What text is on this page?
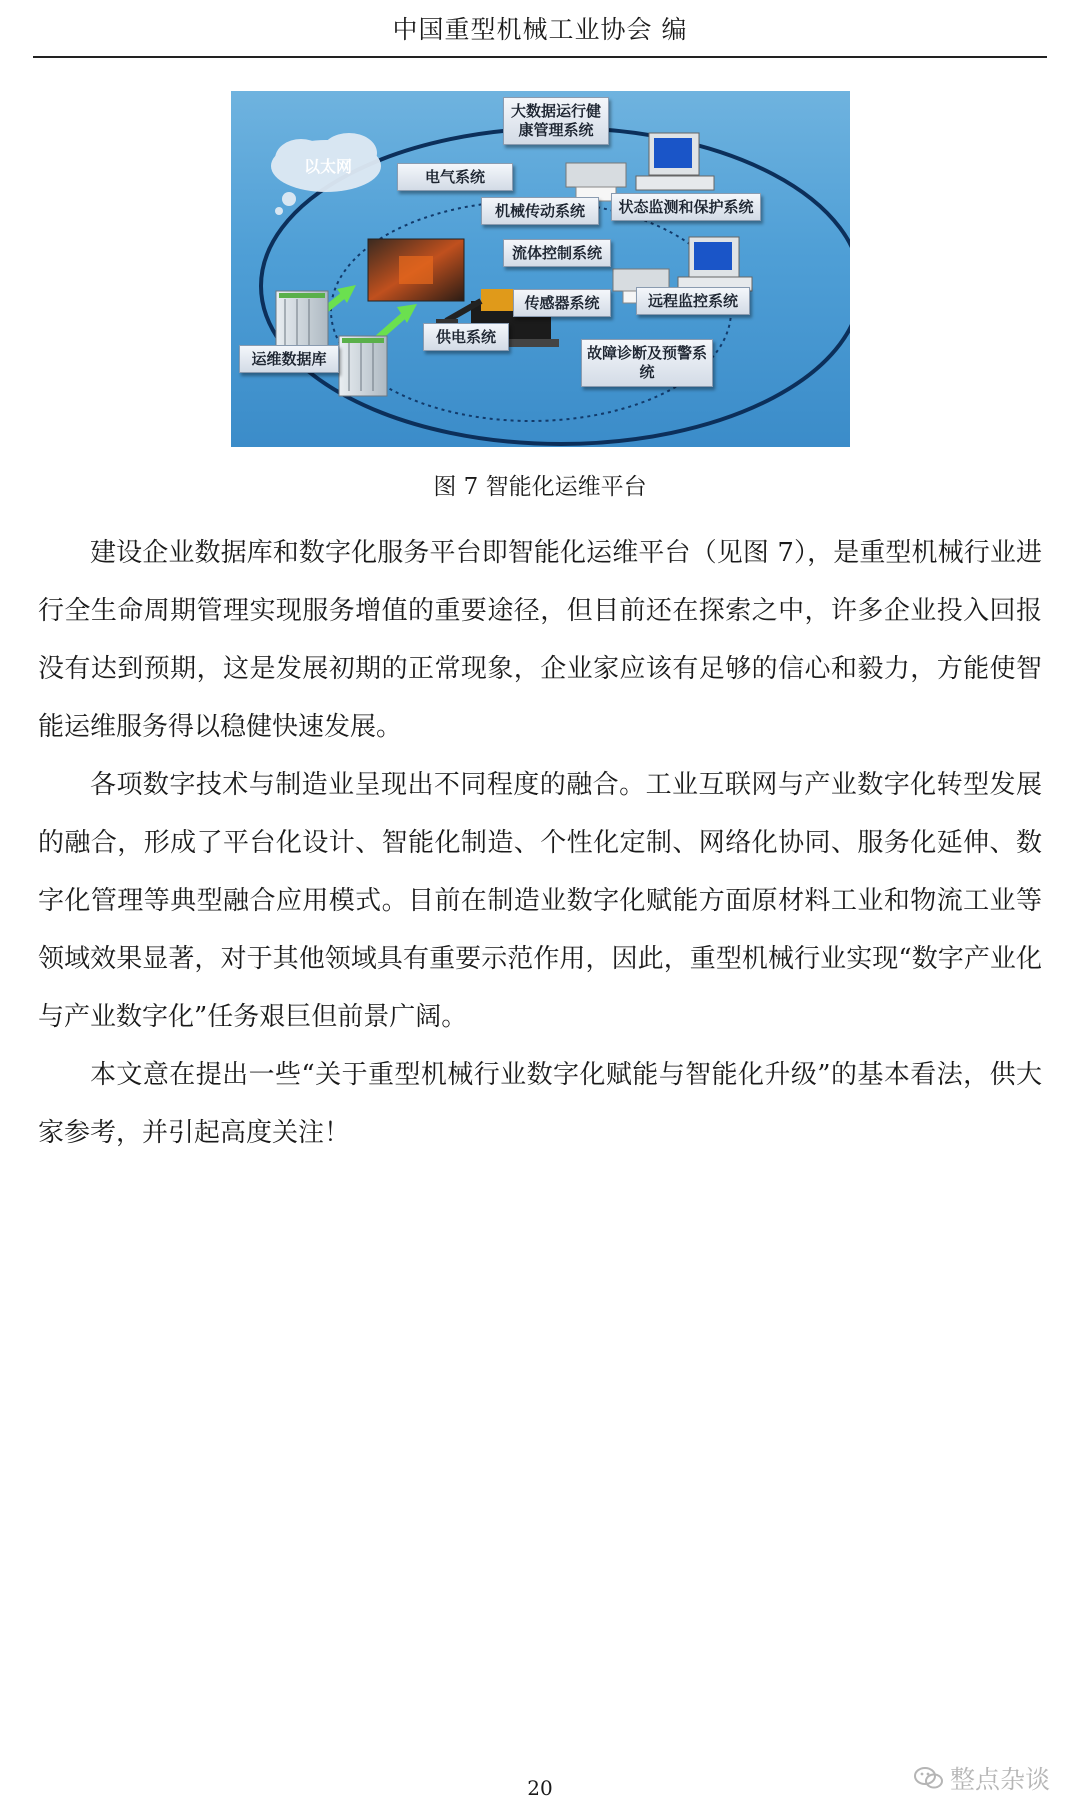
中国重型机械工业协会 编
以太网
大数据运行健康管理系统
电气系统
机械传动系统	状态监测和保护系统
流体控制系统
传感器系统	远程监控系统
供电系统
运维数据库	故障诊断及预警系统
图 7 智能化运维平台

建设企业数据库和数字化服务平台即智能化运维平台（见图 7），是重型机械行业进行全生命周期管理实现服务增值的重要途径，但目前还在探索之中，许多企业投入回报没有达到预期，这是发展初期的正常现象，企业家应该有足够的信心和毅力，方能使智能运维服务得以稳健快速发展。

各项数字技术与制造业呈现出不同程度的融合。工业互联网与产业数字化转型发展的融合，形成了平台化设计、智能化制造、个性化定制、网络化协同、服务化延伸、数字化管理等典型融合应用模式。目前在制造业数字化赋能方面原材料工业和物流工业等领域效果显著，对于其他领域具有重要示范作用，因此，重型机械行业实现“数字产业化与产业数字化”任务艰巨但前景广阔。

本文意在提出一些“关于重型机械行业数字化赋能与智能化升级”的基本看法，供大家参考，并引起高度关注！

20	整点杂谈
